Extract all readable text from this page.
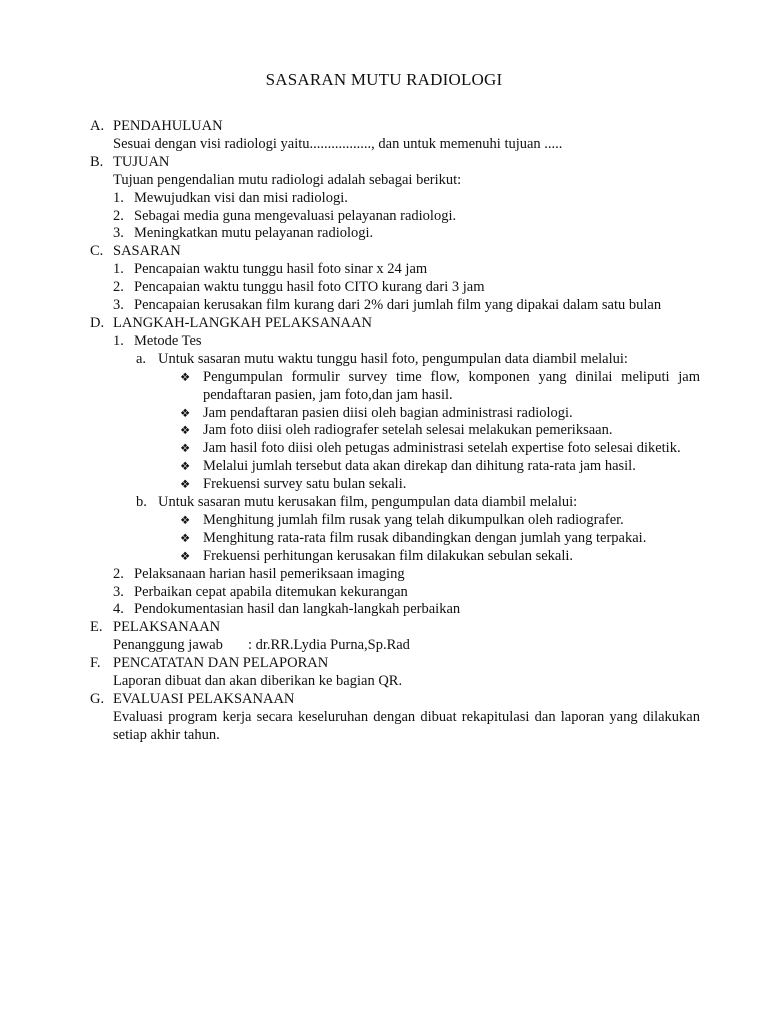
SASARAN MUTU RADIOLOGI
A. PENDAHULUAN
Sesuai dengan visi radiologi yaitu................., dan untuk memenuhi tujuan .....
B. TUJUAN
Tujuan pengendalian mutu radiologi adalah sebagai berikut:
1. Mewujudkan visi dan misi radiologi.
2. Sebagai media guna mengevaluasi pelayanan radiologi.
3. Meningkatkan mutu pelayanan radiologi.
C. SASARAN
1. Pencapaian waktu tunggu hasil foto sinar x 24 jam
2. Pencapaian waktu tunggu hasil foto CITO kurang dari 3 jam
3. Pencapaian kerusakan film kurang dari 2% dari jumlah film yang dipakai dalam satu bulan
D. LANGKAH-LANGKAH PELAKSANAAN
1. Metode Tes
a. Untuk sasaran mutu waktu tunggu hasil foto, pengumpulan data diambil melalui:
❖ Pengumpulan formulir survey time flow, komponen yang dinilai meliputi jam pendaftaran pasien, jam foto,dan jam hasil.
❖ Jam pendaftaran pasien diisi oleh bagian administrasi radiologi.
❖ Jam foto diisi oleh radiografer setelah selesai melakukan pemeriksaan.
❖ Jam hasil foto diisi oleh petugas administrasi setelah expertise foto selesai diketik.
❖ Melalui jumlah tersebut data akan direkap dan dihitung rata-rata jam hasil.
❖ Frekuensi survey satu bulan sekali.
b. Untuk sasaran mutu kerusakan film, pengumpulan data diambil melalui:
❖ Menghitung jumlah film rusak yang telah dikumpulkan oleh radiografer.
❖ Menghitung rata-rata film rusak dibandingkan dengan jumlah yang terpakai.
❖ Frekuensi perhitungan kerusakan film dilakukan sebulan sekali.
2. Pelaksanaan harian hasil pemeriksaan imaging
3. Perbaikan cepat apabila ditemukan kekurangan
4. Pendokumentasian hasil dan langkah-langkah perbaikan
E. PELAKSANAAN
Penanggung jawab : dr.RR.Lydia Purna,Sp.Rad
F. PENCATATAN DAN PELAPORAN
Laporan dibuat dan akan diberikan ke bagian QR.
G. EVALUASI PELAKSANAAN
Evaluasi program kerja secara keseluruhan dengan dibuat rekapitulasi dan laporan yang dilakukan setiap akhir tahun.
